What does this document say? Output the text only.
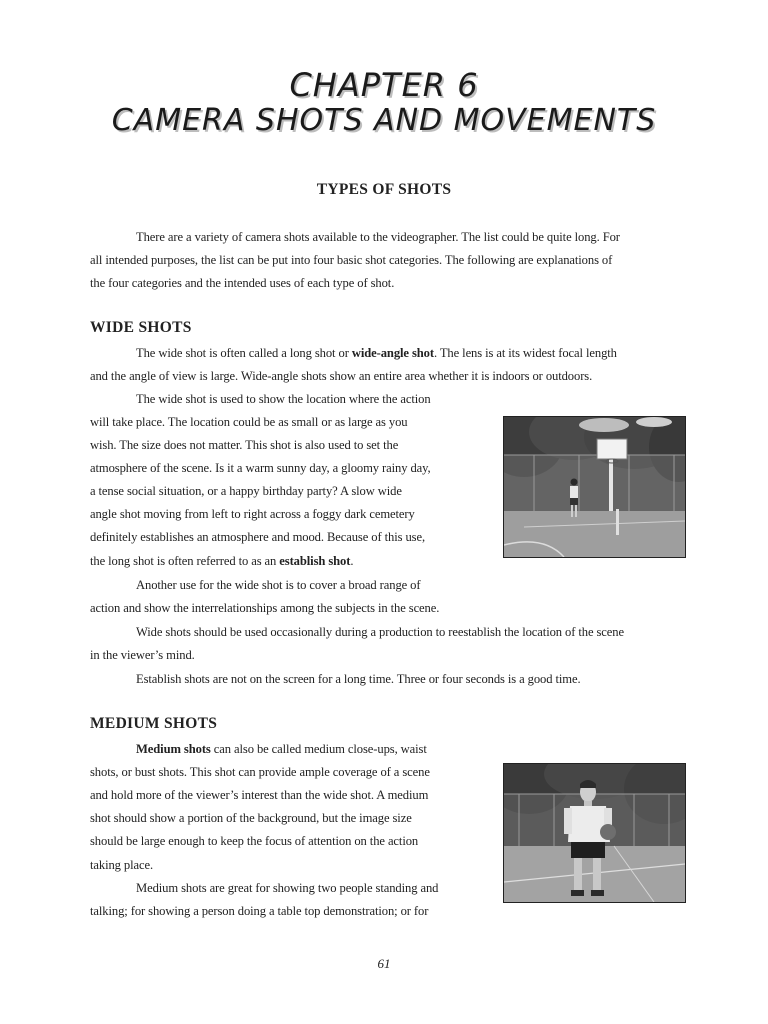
CHAPTER 6
CAMERA SHOTS AND MOVEMENTS
TYPES OF SHOTS
There are a variety of camera shots available to the videographer. The list could be quite long. For
all intended purposes, the list can be put into four basic shot categories. The following are explanations of
the four categories and the intended uses of each type of shot.
WIDE SHOTS
The wide shot is often called a long shot or wide-angle shot. The lens is at its widest focal length
and the angle of view is large. Wide-angle shots show an entire area whether it is indoors or outdoors.
The wide shot is used to show the location where the action
will take place. The location could be as small or as large as you
wish. The size does not matter. This shot is also used to set the
atmosphere of the scene. Is it a warm sunny day, a gloomy rainy day,
a tense social situation, or a happy birthday party? A slow wide
angle shot moving from left to right across a foggy dark cemetery
definitely establishes an atmosphere and mood. Because of this use,
the long shot is often referred to as an establish shot.
Another use for the wide shot is to cover a broad range of
action and show the interrelationships among the subjects in the scene.
Wide shots should be used occasionally during a production to reestablish the location of the scene
in the viewer’s mind.
Establish shots are not on the screen for a long time. Three or four seconds is a good time.
MEDIUM SHOTS
Medium shots can also be called medium close-ups, waist
shots, or bust shots. This shot can provide ample coverage of a scene
and hold more of the viewer’s interest than the wide shot. A medium
shot should show a portion of the background, but the image size
should be large enough to keep the focus of attention on the action
taking place.
Medium shots are great for showing two people standing and
talking; for showing a person doing a table top demonstration; or for
61
